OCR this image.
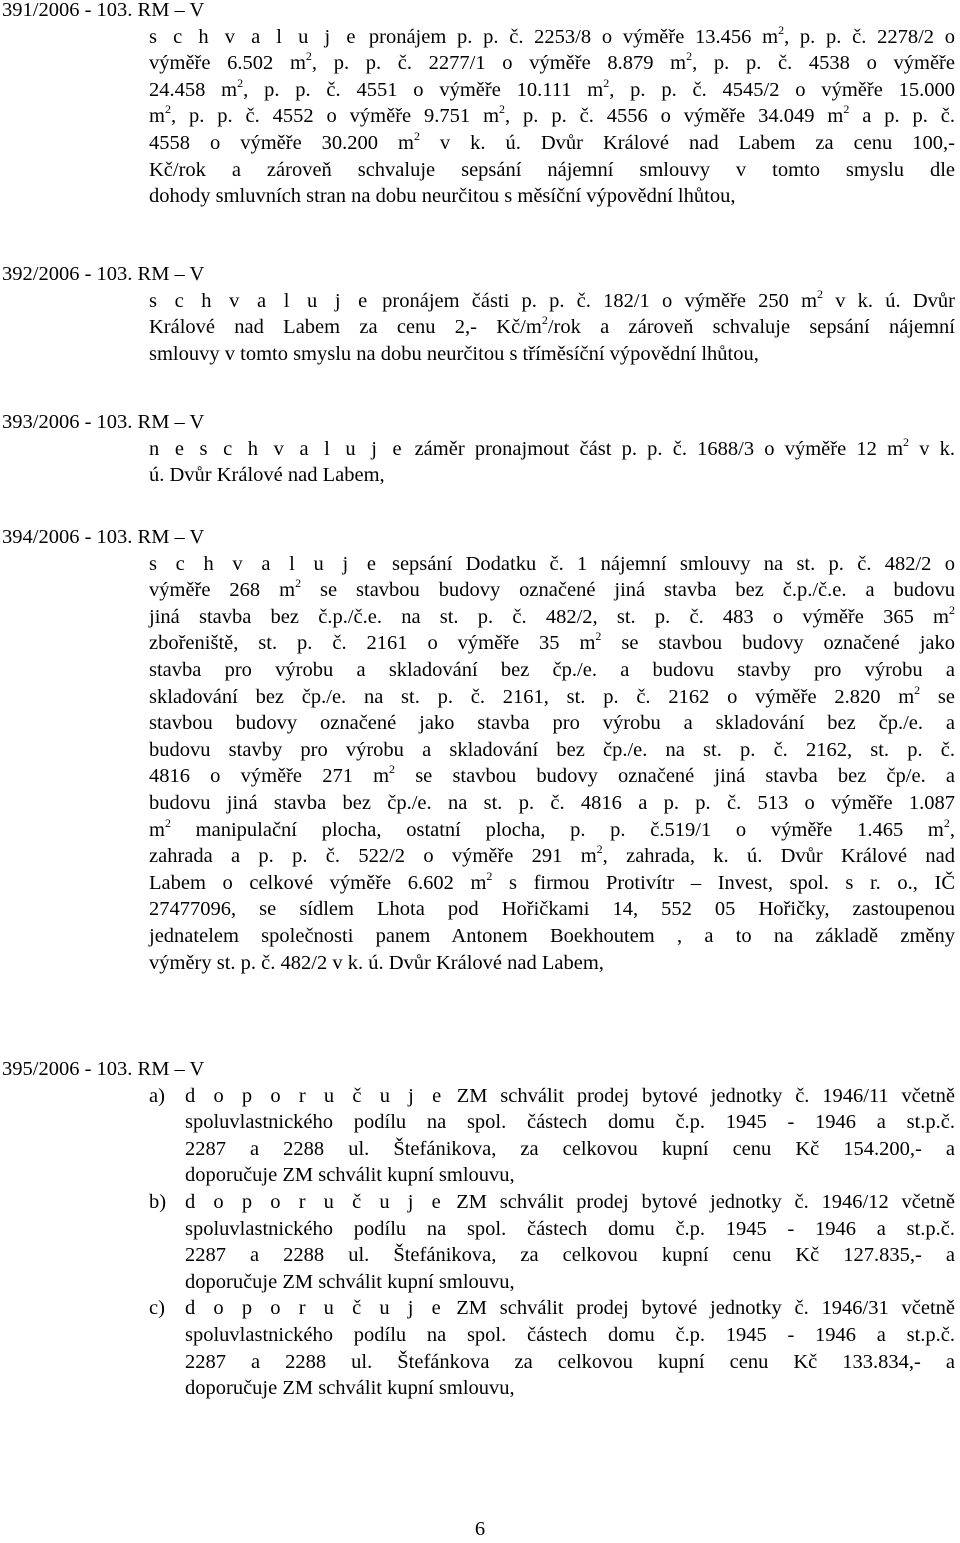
391/2006 - 103. RM – V
s c h v a l u j e pronájem p. p. č. 2253/8 o výměře 13.456 $m^2$, p. p. č. 2278/2 o
výměře 6.502 $m^2$, p. p. č. 2277/1 o výměře 8.879 $m^2$, p. p. č. 4538 o výměře
24.458 $m^2$, p. p. č. 4551 o výměře 10.111 $m^2$, p. p. č. 4545/2 o výměře 15.000
$m^2$, p. p. č. 4552 o výměře 9.751 $m^2$, p. p. č. 4556 o výměře 34.049 $m^2$ a p. p. č.
4558 o výměře 30.200 $m^2$ v k. ú. Dvůr Králové nad Labem za cenu 100,-
Kč/rok a zároveň schvaluje sepsání nájemní smlouvy v tomto smyslu dle
dohody smluvních stran na dobu neurčitou s měsíční výpovědní lhůtou,
392/2006 - 103. RM – V
s c h v a l u j e pronájem části p. p. č. 182/1 o výměře 250 $m^2$ v k. ú. Dvůr
Králové nad Labem za cenu 2,- $Kč/m^2$/rok a zároveň schvaluje sepsání nájemní
smlouvy v tomto smyslu na dobu neurčitou s tříměsíční výpovědní lhůtou,
393/2006 - 103. RM – V
n e s c h v a l u j e záměr pronajmout část p. p. č. 1688/3 o výměře 12 $m^2$ v k.
ú. Dvůr Králové nad Labem,
394/2006 - 103. RM – V
s c h v a l u j e sepsání Dodatku č. 1 nájemní smlouvy na st. p. č. 482/2 o
výměře 268 $m^2$ se stavbou budovy označené jiná stavba bez č.p./č.e. a budovu
jiná stavba bez č.p./č.e. na st. p. č. 482/2, st. p. č. 483 o výměře 365 $m^2$
zbořeniště, st. p. č. 2161 o výměře 35 $m^2$ se stavbou budovy označené jako
stavba pro výrobu a skladování bez čp./e. a budovu stavby pro výrobu a
skladování bez čp./e. na st. p. č. 2161, st. p. č. 2162 o výměře 2.820 $m^2$ se
stavbou budovy označené jako stavba pro výrobu a skladování bez čp./e. a
budovu stavby pro výrobu a skladování bez čp./e. na st. p. č. 2162, st. p. č.
4816 o výměře 271 $m^2$ se stavbou budovy označené jiná stavba bez čp/e. a
budovu jiná stavba bez čp./e. na st. p. č. 4816 a p. p. č. 513 o výměře 1.087
$m^2$ manipulační plocha, ostatní plocha, p. p. č.519/1 o výměře 1.465 $m^2$,
zahrada a p. p. č. 522/2 o výměře 291 $m^2$, zahrada, k. ú. Dvůr Králové nad
Labem o celkové výměře 6.602 $m^2$ s firmou Protivítr – Invest, spol. s r. o., IČ
27477096, se sídlem Lhota pod Hořičkami 14, 552 05 Hořičky, zastoupenou
jednatelem společnosti panem Antonem Boekhoutem , a to na základě změny
výměry st. p. č. 482/2 v k. ú. Dvůr Králové nad Labem,
395/2006 - 103. RM – V
a) d o p o r u č u j e ZM schválit prodej bytové jednotky č. 1946/11 včetně
spoluvlastnického podílu na spol. částech domu č.p. 1945 - 1946 a st.p.č.
2287 a 2288 ul. Štefánikova, za celkovou kupní cenu Kč 154.200,- a
doporučuje ZM schválit kupní smlouvu,
b) d o p o r u č u j e ZM schválit prodej bytové jednotky č. 1946/12 včetně
spoluvlastnického podílu na spol. částech domu č.p. 1945 - 1946 a st.p.č.
2287 a 2288 ul. Štefánikova, za celkovou kupní cenu Kč 127.835,- a
doporučuje ZM schválit kupní smlouvu,
c) d o p o r u č u j e ZM schválit prodej bytové jednotky č. 1946/31 včetně
spoluvlastnického podílu na spol. částech domu č.p. 1945 - 1946 a st.p.č.
2287 a 2288 ul. Štefánkova za celkovou kupní cenu Kč 133.834,- a
doporučuje ZM schválit kupní smlouvu,
6
